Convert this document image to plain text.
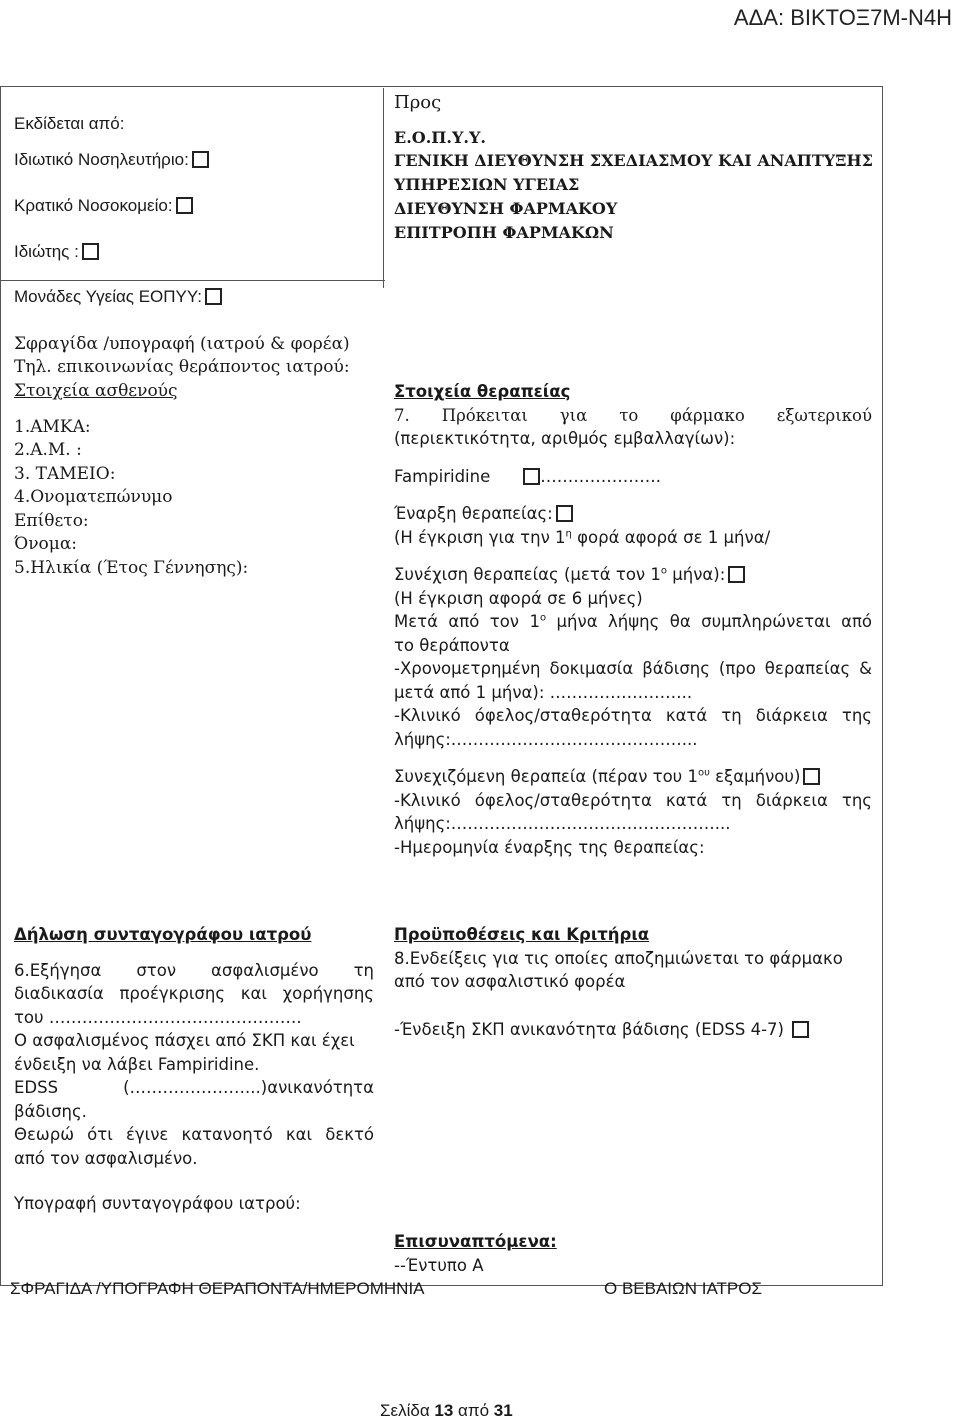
ΑΔΑ: ΒΙΚΤΟΞ7Μ-Ν4Η
Εκδίδεται από:
Ιδιωτικό Νοσηλευτήριο:
Κρατικό Νοσοκομείο:
Ιδιώτης :
Μονάδες Υγείας ΕΟΠΥΥ:
Προς
Ε.Ο.Π.Υ.Υ.
ΓΕΝΙΚΗ ΔΙΕΥΘΥΝΣΗ ΣΧΕΔΙΑΣΜΟΥ ΚΑΙ ΑΝΑΠΤΥΞΗΣ
ΥΠΗΡΕΣΙΩΝ ΥΓΕΙΑΣ
ΔΙΕΥΘΥΝΣΗ ΦΑΡΜΑΚΟΥ
ΕΠΙΤΡΟΠΗ ΦΑΡΜΑΚΩΝ
Σφραγίδα /υπογραφή (ιατρού & φορέα)
Τηλ. επικοινωνίας θεράποντος ιατρού:
Στοιχεία ασθενούς
1.ΑΜΚΑ:
2.Α.Μ. :
3. ΤΑΜΕΙΟ:
4.Ονοματεπώνυμο
Επίθετο:
Όνομα:
5.Ηλικία (Έτος Γέννησης):
Στοιχεία θεραπείας
7. Πρόκειται για το φάρμακο εξωτερικού
(περιεκτικότητα, αριθμός εμβαλλαγίων):
Fampiridine	………………….
Έναρξη θεραπείας:
(Η έγκριση για την $1^\eta$ φορά αφορά σε 1 μήνα/
Συνέχιση θεραπείας (μετά τον $1^o$ μήνα):
(Η έγκριση αφορά σε 6 μήνες)
Μετά από τον $1^o$ μήνα λήψης θα συμπληρώνεται από
το θεράποντα
-Χρονομετρημένη δοκιμασία βάδισης (προ θεραπείας &
μετά από 1 μήνα): ……………………..
-Κλινικό όφελος/σταθερότητα κατά τη διάρκεια της
λήψης:……………………………………...
Συνεχιζόμενη θεραπεία (πέραν του $1^{o\upsilon}$ εξαμήνου)
-Κλινικό όφελος/σταθερότητα κατά τη διάρκεια της
λήψης:…………………………………………...
-Ημερομηνία έναρξης της θεραπείας:
Δήλωση συνταγογράφου ιατρού
6.Εξήγησα στον ασφαλισμένο τη
διαδικασία προέγκρισης και χορήγησης
του ……………………………………….
Ο ασφαλισμένος πάσχει από ΣΚΠ και έχει
ένδειξη να λάβει Fampiridine.
EDSS (…………………...)ανικανότητα
βάδισης.
Θεωρώ ότι έγινε κατανοητό και δεκτό
από τον ασφαλισμένο.
Υπογραφή συνταγογράφου ιατρού:
Προϋποθέσεις και Κριτήρια
8.Ενδείξεις για τις οποίες αποζημιώνεται το φάρμακο
από τον ασφαλιστικό φορέα
-Ένδειξη ΣΚΠ ανικανότητα βάδισης (EDSS 4-7)
Επισυναπτόμενα:
--Έντυπο Α
ΣΦΡΑΓΙΔΑ /ΥΠΟΓΡΑΦΗ ΘΕΡΑΠΟΝΤΑ/ΗΜΕΡΟΜΗΝΙΑ	Ο ΒΕΒΑΙΩΝ ΙΑΤΡΟΣ
Σελίδα 13 από 31
